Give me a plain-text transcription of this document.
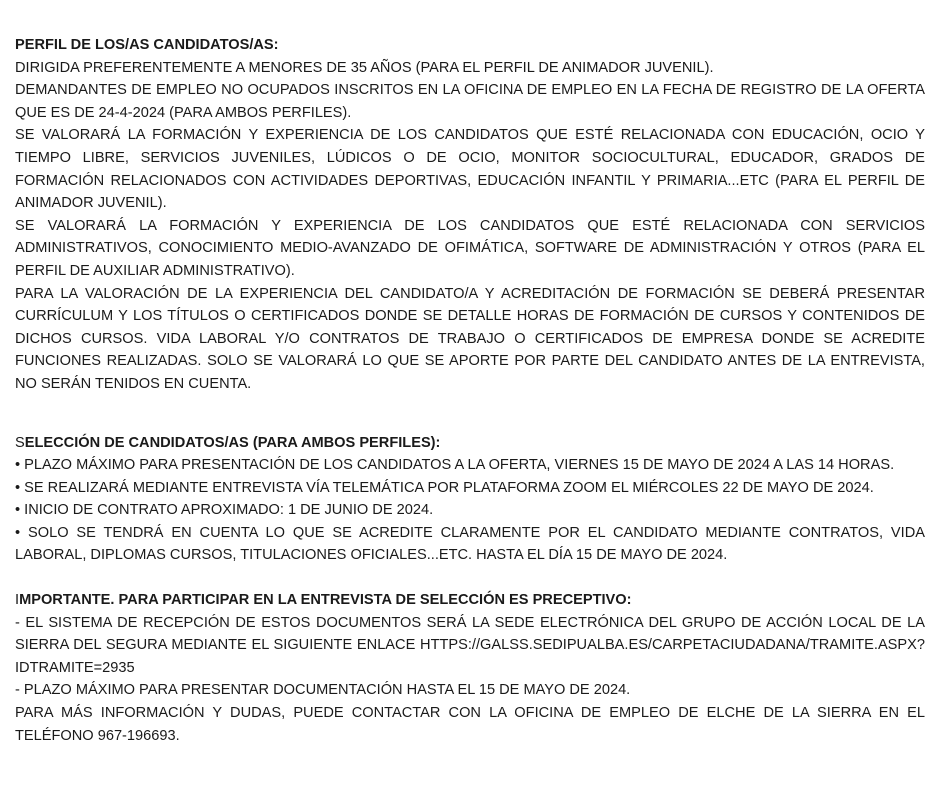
PERFIL DE LOS/AS CANDIDATOS/AS:

DIRIGIDA PREFERENTEMENTE A MENORES DE 35 AÑOS (PARA EL PERFIL DE ANIMADOR JUVENIL).

DEMANDANTES DE EMPLEO NO OCUPADOS INSCRITOS EN LA OFICINA DE EMPLEO EN LA FECHA DE REGISTRO DE LA OFERTA QUE ES DE 24-4-2024 (PARA AMBOS PERFILES).

SE VALORARÁ LA FORMACIÓN Y EXPERIENCIA DE LOS CANDIDATOS QUE ESTÉ RELACIONADA CON EDUCACIÓN, OCIO Y TIEMPO LIBRE, SERVICIOS JUVENILES, LÚDICOS O DE OCIO, MONITOR SOCIOCULTURAL, EDUCADOR, GRADOS DE FORMACIÓN RELACIONADOS CON ACTIVIDADES DEPORTIVAS, EDUCACIÓN INFANTIL Y PRIMARIA...ETC (PARA EL PERFIL DE ANIMADOR JUVENIL).

SE VALORARÁ LA FORMACIÓN Y EXPERIENCIA DE LOS CANDIDATOS QUE ESTÉ RELACIONADA CON SERVICIOS ADMINISTRATIVOS, CONOCIMIENTO MEDIO-AVANZADO DE OFIMÁTICA, SOFTWARE DE ADMINISTRACIÓN Y OTROS (PARA EL PERFIL DE AUXILIAR ADMINISTRATIVO).

PARA LA VALORACIÓN DE LA EXPERIENCIA DEL CANDIDATO/A Y ACREDITACIÓN DE FORMACIÓN SE DEBERÁ PRESENTAR CURRÍCULUM Y LOS TÍTULOS O CERTIFICADOS DONDE SE DETALLE HORAS DE FORMACIÓN DE CURSOS Y CONTENIDOS DE DICHOS CURSOS. VIDA LABORAL Y/O CONTRATOS DE TRABAJO O CERTIFICADOS DE EMPRESA DONDE SE ACREDITE FUNCIONES REALIZADAS. SOLO SE VALORARÁ LO QUE SE APORTE POR PARTE DEL CANDIDATO ANTES DE LA ENTREVISTA, NO SERÁN TENIDOS EN CUENTA.

SELECCIÓN DE CANDIDATOS/AS (PARA AMBOS PERFILES):

• PLAZO MÁXIMO PARA PRESENTACIÓN DE LOS CANDIDATOS A LA OFERTA, VIERNES 15 DE MAYO DE 2024 A LAS 14 HORAS.

• SE REALIZARÁ MEDIANTE ENTREVISTA VÍA TELEMÁTICA POR PLATAFORMA ZOOM EL MIÉRCOLES 22 DE MAYO DE 2024.

• INICIO DE CONTRATO APROXIMADO: 1 DE JUNIO DE 2024.

• SOLO SE TENDRÁ EN CUENTA LO QUE SE ACREDITE CLARAMENTE POR EL CANDIDATO MEDIANTE CONTRATOS, VIDA LABORAL, DIPLOMAS CURSOS, TITULACIONES OFICIALES...ETC. HASTA EL DÍA 15 DE MAYO DE 2024.

IMPORTANTE. PARA PARTICIPAR EN LA ENTREVISTA DE SELECCIÓN ES PRECEPTIVO:

- EL SISTEMA DE RECEPCIÓN DE ESTOS DOCUMENTOS SERÁ LA SEDE ELECTRÓNICA DEL GRUPO DE ACCIÓN LOCAL DE LA SIERRA DEL SEGURA MEDIANTE EL SIGUIENTE ENLACE HTTPS://GALSS.SEDIPUALBA.ES/CARPETACIUDADANA/TRAMITE.ASPX?IDTRAMITE=2935

- PLAZO MÁXIMO PARA PRESENTAR DOCUMENTACIÓN HASTA EL 15 DE MAYO DE 2024.

PARA MÁS INFORMACIÓN Y DUDAS, PUEDE CONTACTAR CON LA OFICINA DE EMPLEO DE ELCHE DE LA SIERRA EN EL TELÉFONO 967-196693.
